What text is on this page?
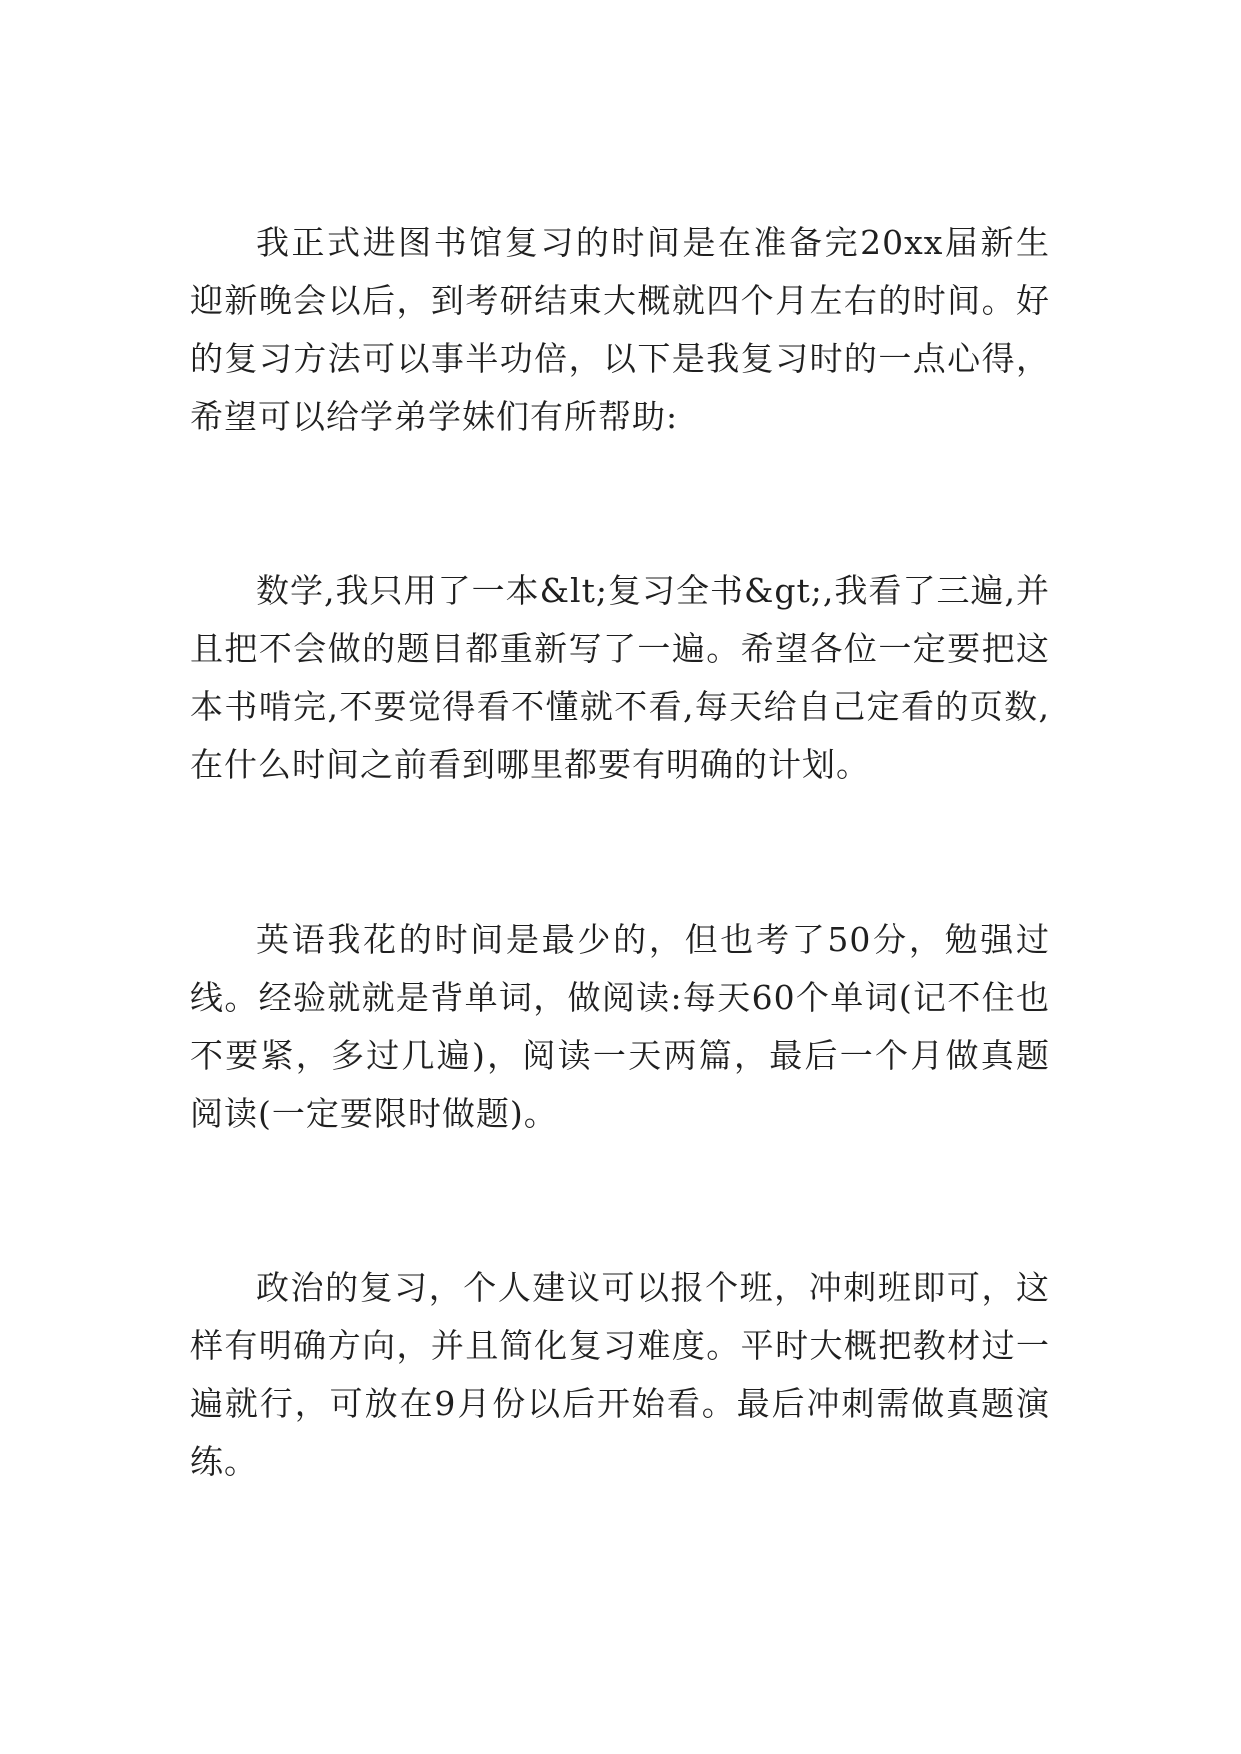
我正式进图书馆复习的时间是在准备完20xx届新生迎新晚会以后，到考研结束大概就四个月左右的时间。好的复习方法可以事半功倍，以下是我复习时的一点心得，希望可以给学弟学妹们有所帮助:

数学,我只用了一本&lt;复习全书&gt;,我看了三遍,并且把不会做的题目都重新写了一遍。希望各位一定要把这本书啃完,不要觉得看不懂就不看,每天给自己定看的页数,在什么时间之前看到哪里都要有明确的计划。

英语我花的时间是最少的，但也考了50分，勉强过线。经验就就是背单词，做阅读:每天60个单词(记不住也不要紧，多过几遍)，阅读一天两篇，最后一个月做真题阅读(一定要限时做题)。

政治的复习，个人建议可以报个班，冲刺班即可，这样有明确方向，并且简化复习难度。平时大概把教材过一遍就行，可放在9月份以后开始看。最后冲刺需做真题演练。
